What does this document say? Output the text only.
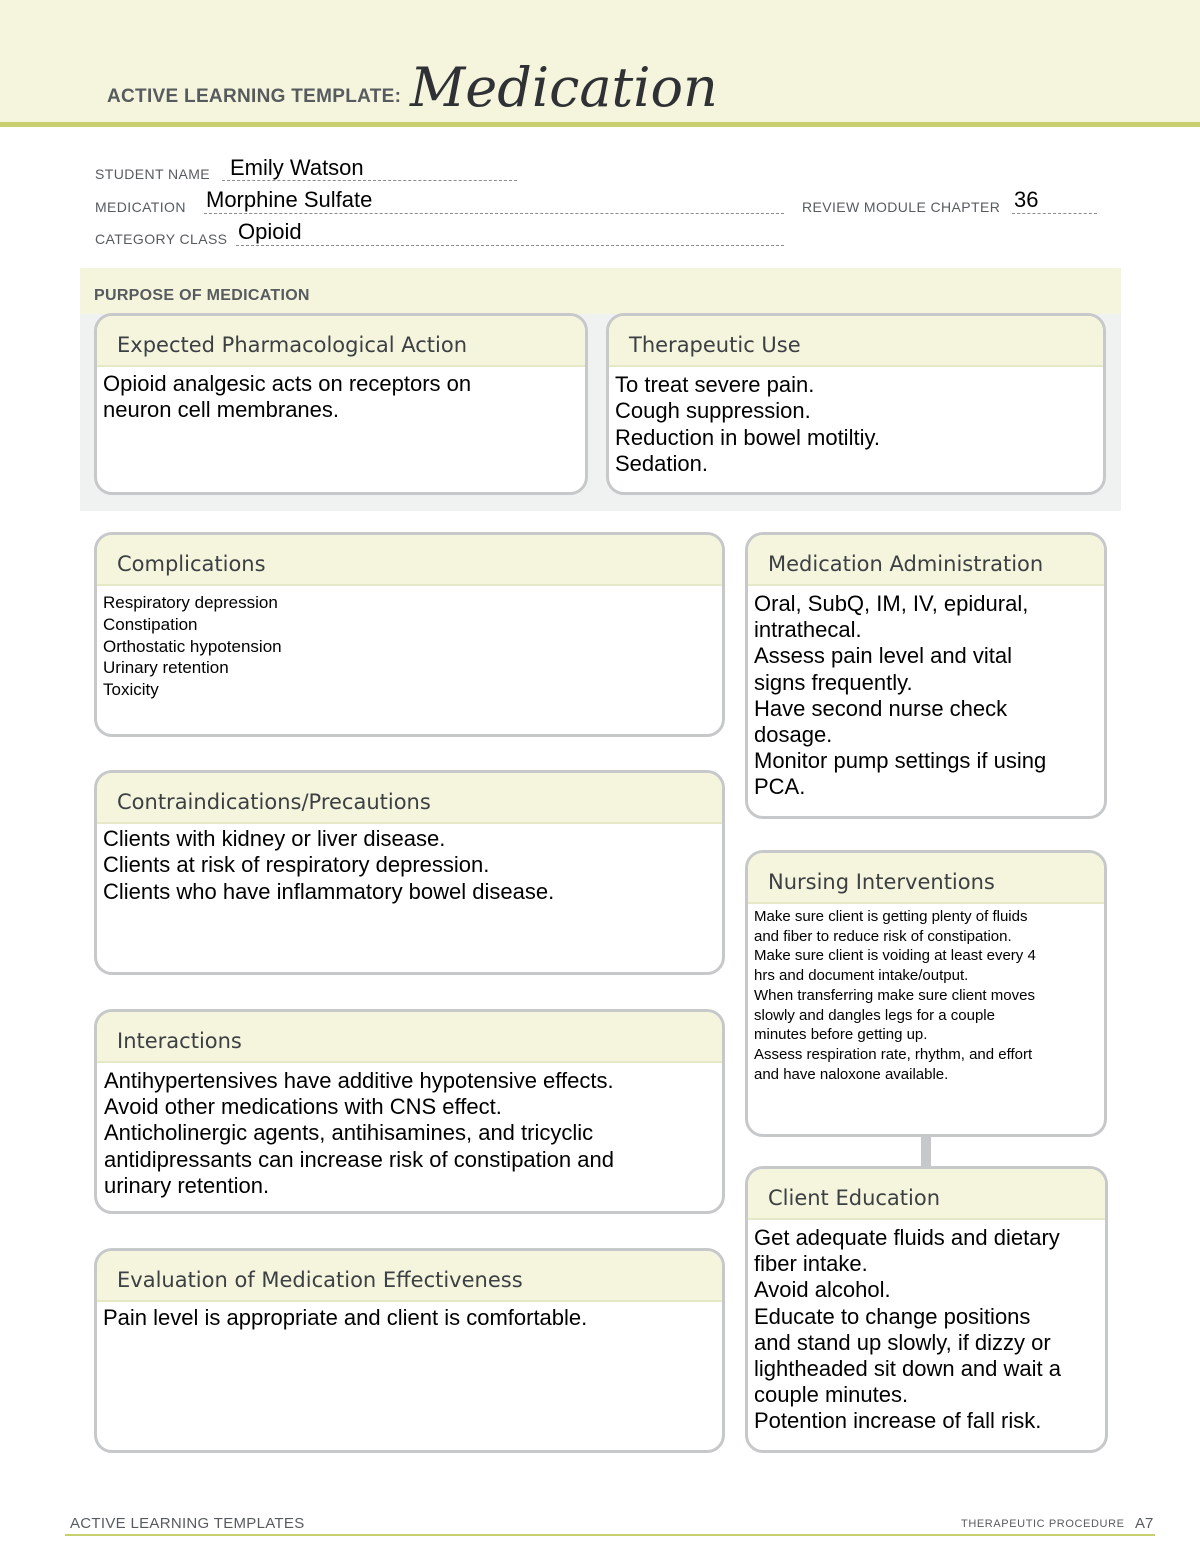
ACTIVE LEARNING TEMPLATE: Medication
STUDENT NAME Emily Watson
MEDICATION Morphine Sulfate	REVIEW MODULE CHAPTER 36
CATEGORY CLASS Opioid
PURPOSE OF MEDICATION
Expected Pharmacological Action
Opioid analgesic acts on receptors on
neuron cell membranes.
Therapeutic Use
To treat severe pain.
Cough suppression.
Reduction in bowel motiltiy.
Sedation.
Complications
Respiratory depression
Constipation
Orthostatic hypotension
Urinary retention
Toxicity
Contraindications/Precautions
Clients with kidney or liver disease.
Clients at risk of respiratory depression.
Clients who have inflammatory bowel disease.
Interactions
Antihypertensives have additive hypotensive effects.
Avoid other medications with CNS effect.
Anticholinergic agents, antihisamines, and tricyclic
antidipressants can increase risk of constipation and
urinary retention.
Evaluation of Medication Effectiveness
Pain level is appropriate and client is comfortable.
Medication Administration
Oral, SubQ, IM, IV, epidural,
intrathecal.
Assess pain level and vital
signs frequently.
Have second nurse check
dosage.
Monitor pump settings if using
PCA.
Nursing Interventions
Make sure client is getting plenty of fluids
and fiber to reduce risk of constipation.
Make sure client is voiding at least every 4
hrs and document intake/output.
When transferring make sure client moves
slowly and dangles legs for a couple
minutes before getting up.
Assess respiration rate, rhythm, and effort
and have naloxone available.
Client Education
Get adequate fluids and dietary
fiber intake.
Avoid alcohol.
Educate to change positions
and stand up slowly, if dizzy or
lightheaded sit down and wait a
couple minutes.
Potention increase of fall risk.
ACTIVE LEARNING TEMPLATES	THERAPEUTIC PROCEDURE A7
